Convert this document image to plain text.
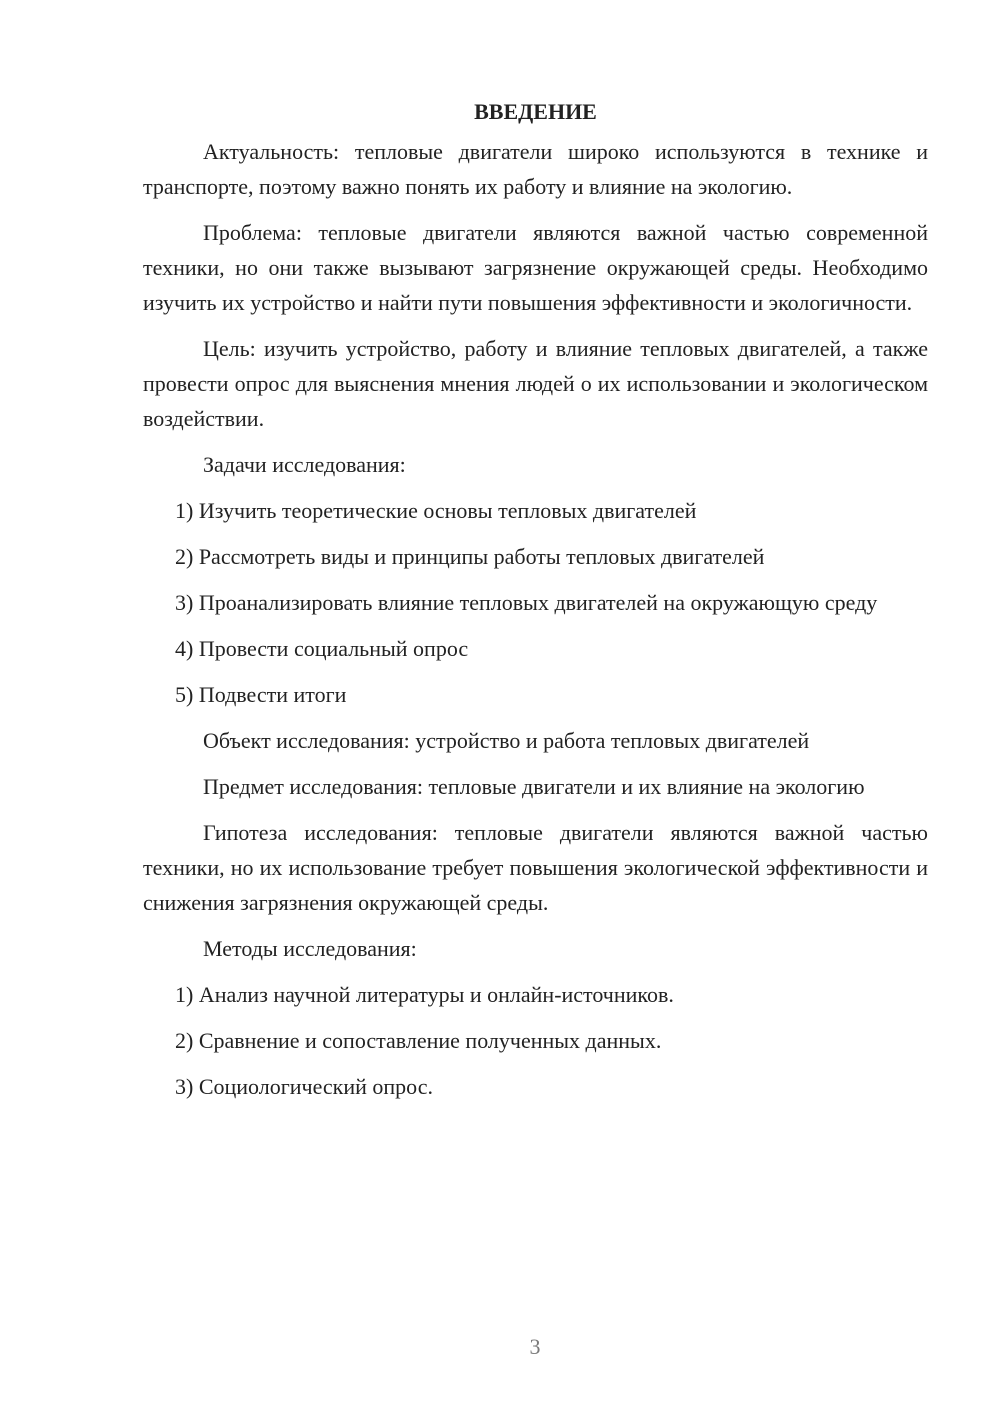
ВВЕДЕНИЕ

Актуальность: тепловые двигатели широко используются в технике и транспорте, поэтому важно понять их работу и влияние на экологию.

Проблема: тепловые двигатели являются важной частью современной техники, но они также вызывают загрязнение окружающей среды. Необходимо изучить их устройство и найти пути повышения эффективности и экологичности.

Цель: изучить устройство, работу и влияние тепловых двигателей, а также провести опрос для выяснения мнения людей о их использовании и экологическом воздействии.

Задачи исследования:

1) Изучить теоретические основы тепловых двигателей

2) Рассмотреть виды и принципы работы тепловых двигателей

3) Проанализировать влияние тепловых двигателей на окружающую среду

4) Провести социальный опрос

5) Подвести итоги

Объект исследования: устройство и работа тепловых двигателей

Предмет исследования: тепловые двигатели и их влияние на экологию

Гипотеза исследования: тепловые двигатели являются важной частью техники, но их использование требует повышения экологической эффективности и снижения загрязнения окружающей среды.

Методы исследования:

1) Анализ научной литературы и онлайн-источников.

2) Сравнение и сопоставление полученных данных.

3) Социологический опрос.

3
